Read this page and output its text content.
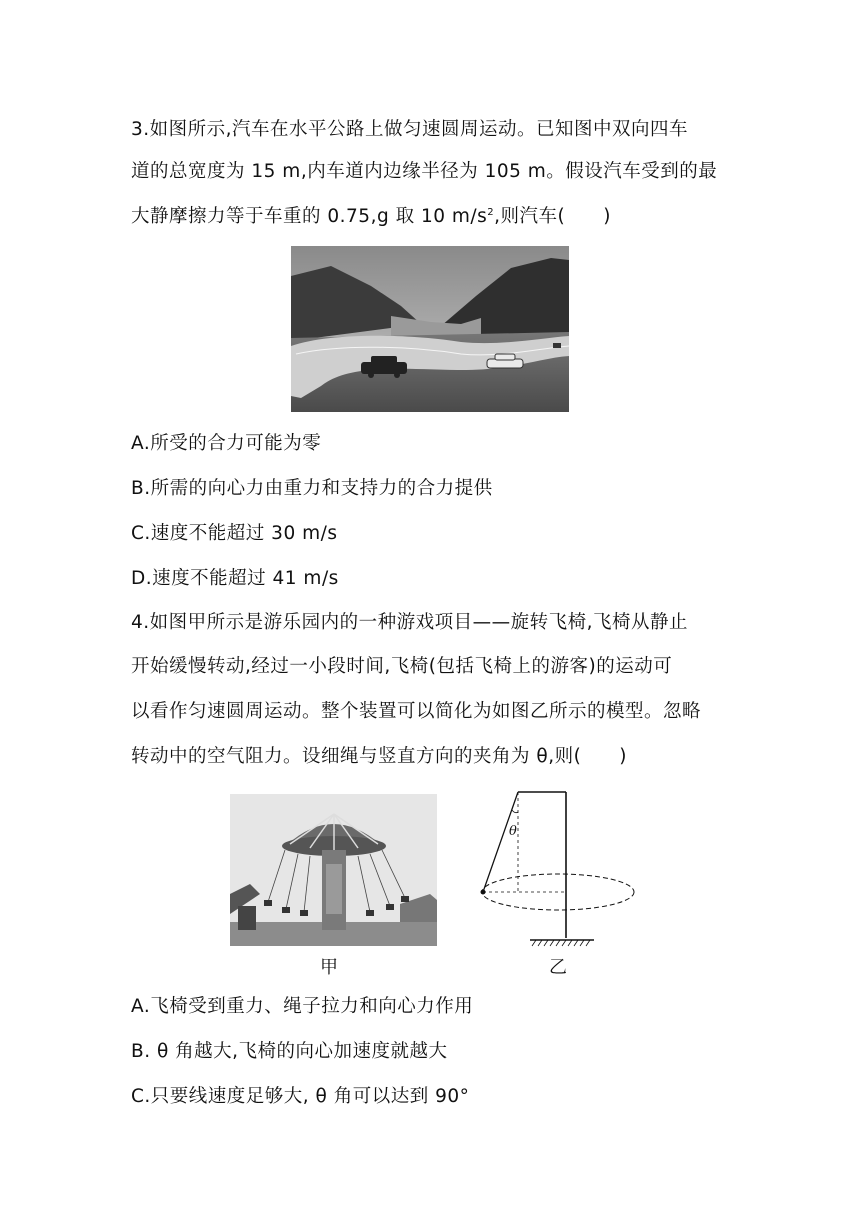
3.如图所示,汽车在水平公路上做匀速圆周运动。已知图中双向四车
道的总宽度为 15 m,内车道内边缘半径为 105 m。假设汽车受到的最
大静摩擦力等于车重的 0.75,g 取 10 $m/s^2$,则汽车(　　)
A.所受的合力可能为零
B.所需的向心力由重力和支持力的合力提供
C.速度不能超过 30 m/s
D.速度不能超过 41 m/s
4.如图甲所示是游乐园内的一种游戏项目——旋转飞椅,飞椅从静止
开始缓慢转动,经过一小段时间,飞椅(包括飞椅上的游客)的运动可
以看作匀速圆周运动。整个装置可以简化为如图乙所示的模型。忽略
转动中的空气阻力。设细绳与竖直方向的夹角为 θ,则(　　)
θ
甲	乙
A.飞椅受到重力、绳子拉力和向心力作用
B. θ 角越大,飞椅的向心加速度就越大
C.只要线速度足够大, θ 角可以达到 90°
